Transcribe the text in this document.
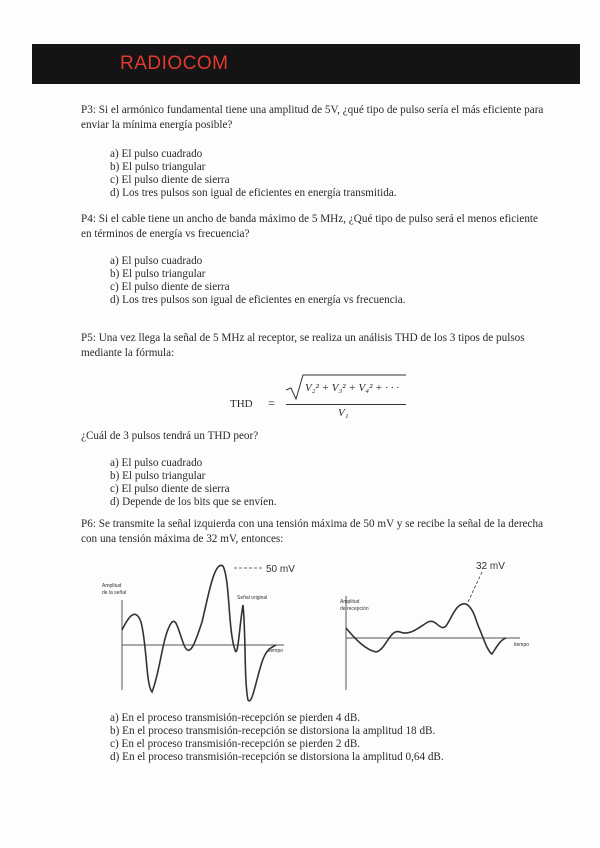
RADIOCOM
P3: Si el armónico fundamental tiene una amplitud de 5V, ¿qué tipo de pulso sería el más eficiente para enviar la mínima energía posible?
a) El pulso cuadrado
b) El pulso triangular
c) El pulso diente de sierra
d) Los tres pulsos son igual de eficientes en energía transmitida.
P4: Si el cable tiene un ancho de banda máximo de 5 MHz, ¿Qué tipo de pulso será el menos eficiente en términos de energía vs frecuencia?
a) El pulso cuadrado
b) El pulso triangular
c) El pulso diente de sierra
d) Los tres pulsos son igual de eficientes en energía vs frecuencia.
P5: Una vez llega la señal de 5 MHz al receptor, se realiza un análisis THD de los 3 tipos de pulsos mediante la fórmula:
THD =
V₂² + V₃² + V₄² + · · ·
V₁
¿Cuál de 3 pulsos tendrá un THD peor?
a) El pulso cuadrado
b) El pulso triangular
c) El pulso diente de sierra
d) Depende de los bits que se envíen.
P6: Se transmite la señal izquierda con una tensión máxima de 50 mV y se recibe la señal de la derecha con una tensión máxima de 32 mV, entonces:
50 mV
Amplitud
de la señal
Señal original
tiempo
32 mV
Amplitud
de recepción
tiempo
a) En el proceso transmisión-recepción se pierden 4 dB.
b) En el proceso transmisión-recepción se distorsiona la amplitud 18 dB.
c) En el proceso transmisión-recepción se pierden 2 dB.
d) En el proceso transmisión-recepción se distorsiona la amplitud 0,64 dB.
